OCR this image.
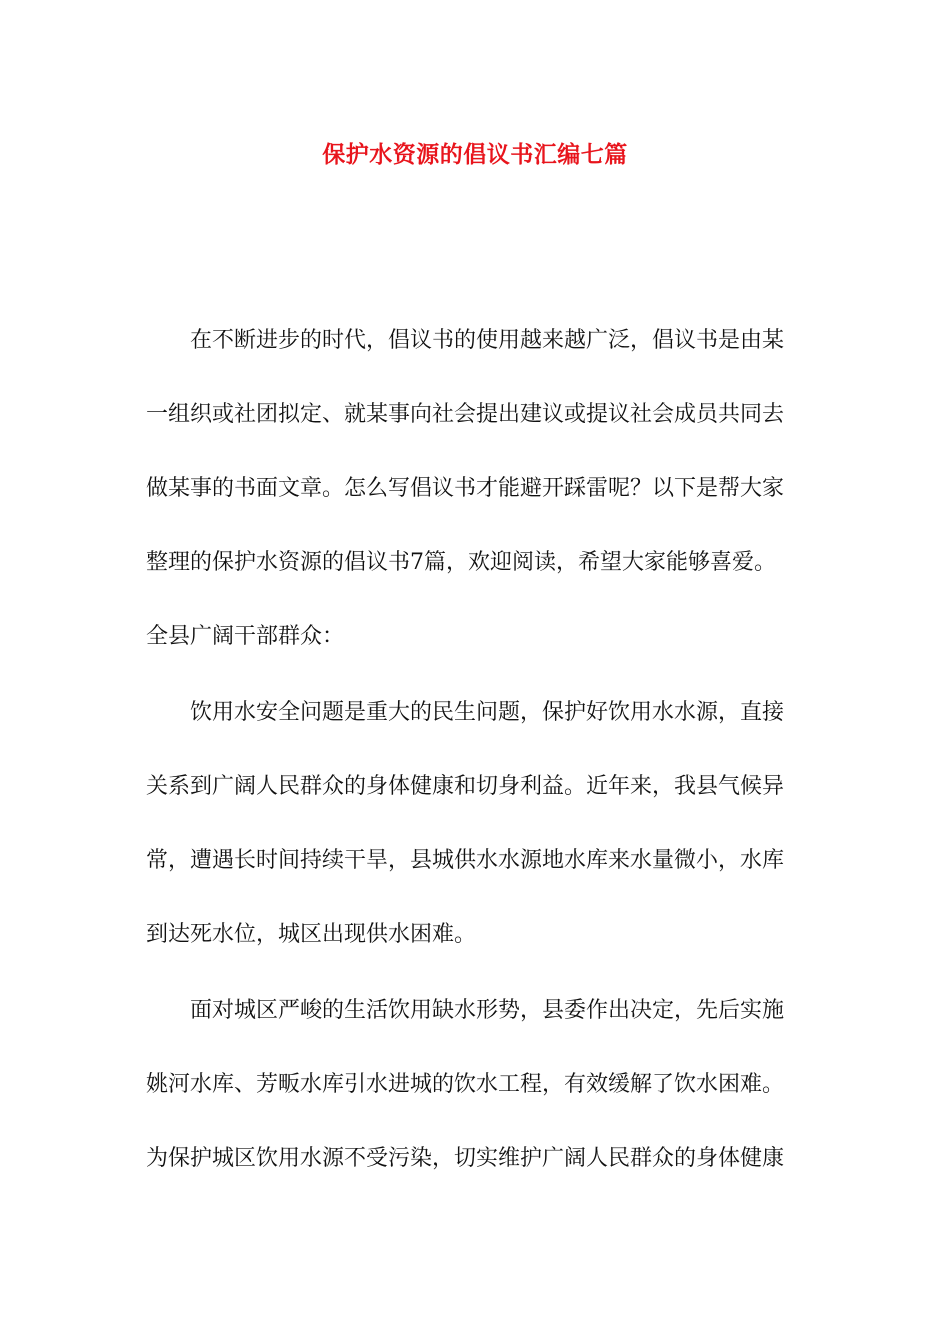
保护水资源的倡议书汇编七篇

在不断进步的时代，倡议书的使用越来越广泛，倡议书是由某

一组织或社团拟定、就某事向社会提出建议或提议社会成员共同去

做某事的书面文章。怎么写倡议书才能避开踩雷呢？以下是帮大家

整理的保护水资源的倡议书7篇，欢迎阅读，希望大家能够喜爱。

全县广阔干部群众：

饮用水安全问题是重大的民生问题，保护好饮用水水源，直接

关系到广阔人民群众的身体健康和切身利益。近年来，我县气候异

常，遭遇长时间持续干旱，县城供水水源地水库来水量微小，水库

到达死水位，城区出现供水困难。

面对城区严峻的生活饮用缺水形势，县委作出决定，先后实施

姚河水库、芳畈水库引水进城的饮水工程，有效缓解了饮水困难。

为保护城区饮用水源不受污染，切实维护广阔人民群众的身体健康
